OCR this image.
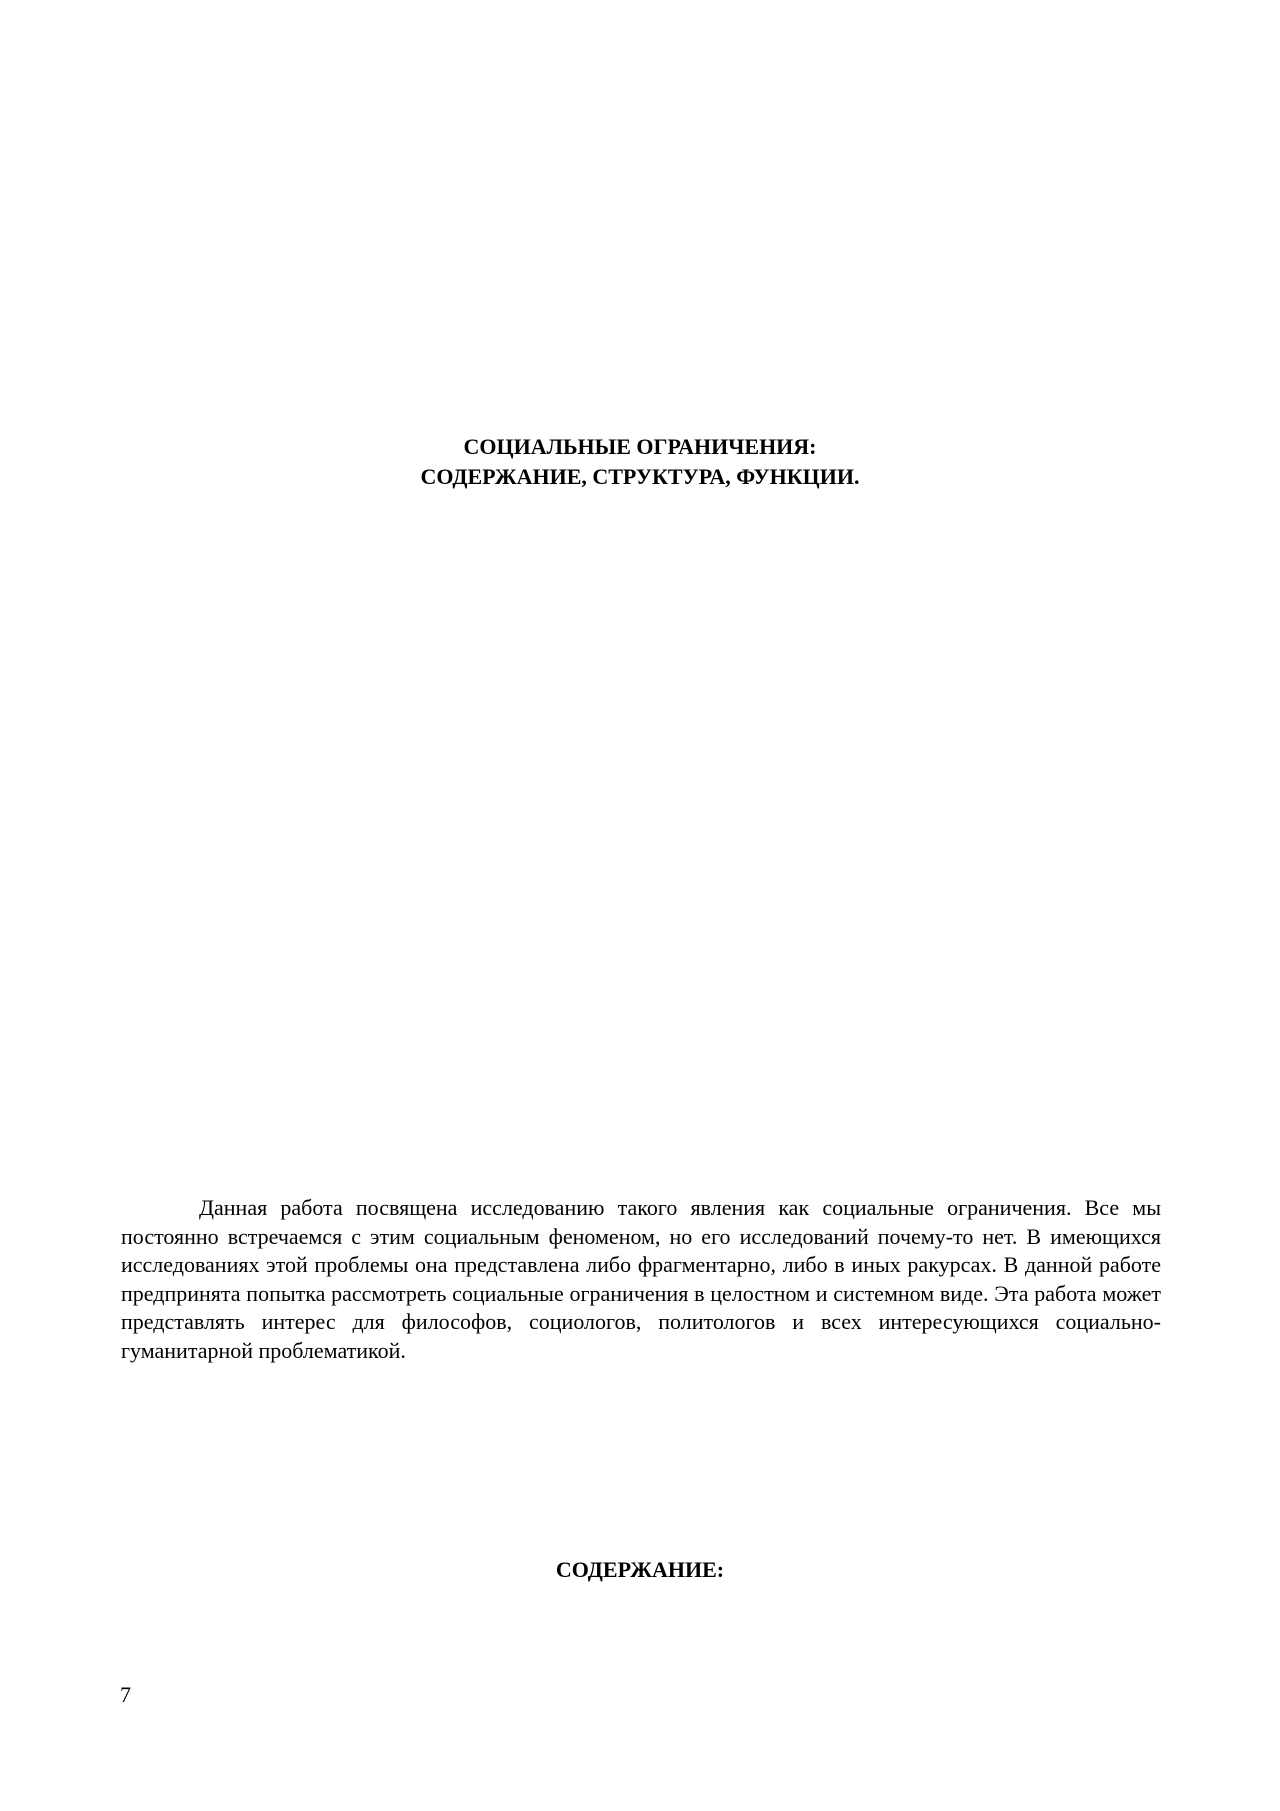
СОЦИАЛЬНЫЕ ОГРАНИЧЕНИЯ:
СОДЕРЖАНИЕ, СТРУКТУРА, ФУНКЦИИ.

Данная работа посвящена исследованию такого явления как социальные ограничения. Все мы постоянно встречаемся с этим социальным феноменом, но его исследований почему-то нет. В имеющихся исследованиях этой проблемы она представлена либо фрагментарно, либо в иных ракурсах. В данной работе предпринята попытка рассмотреть социальные ограничения в целостном и системном виде. Эта работа может представлять интерес для философов, социологов, политологов и всех интересующихся социально-гуманитарной проблематикой.

СОДЕРЖАНИЕ:
7
